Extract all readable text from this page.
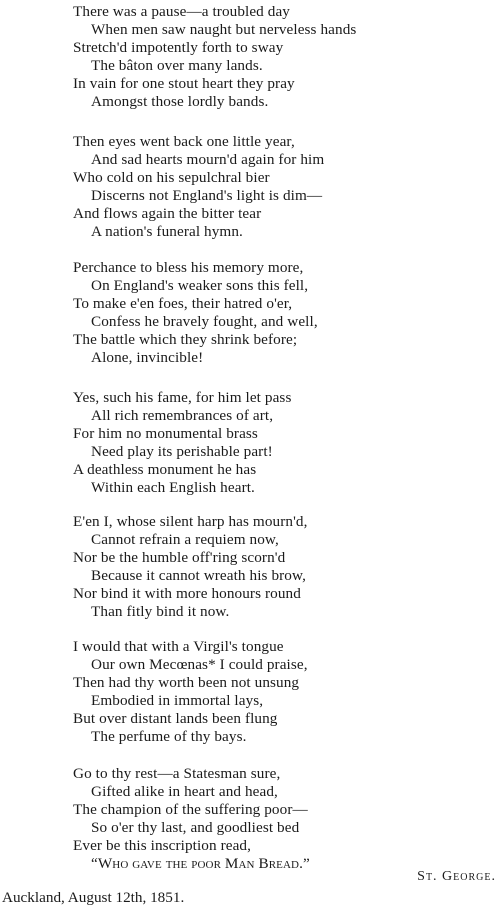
There was a pause—a troubled day
When men saw naught but nerveless hands
Stretch'd impotently forth to sway
The bâton over many lands.
In vain for one stout heart they pray
Amongst those lordly bands.
Then eyes went back one little year,
And sad hearts mourn'd again for him
Who cold on his sepulchral bier
Discerns not England's light is dim—
And flows again the bitter tear
A nation's funeral hymn.
Perchance to bless his memory more,
On England's weaker sons this fell,
To make e'en foes, their hatred o'er,
Confess he bravely fought, and well,
The battle which they shrink before;
Alone, invincible!
Yes, such his fame, for him let pass
All rich remembrances of art,
For him no monumental brass
Need play its perishable part!
A deathless monument he has
Within each English heart.
E'en I, whose silent harp has mourn'd,
Cannot refrain a requiem now,
Nor be the humble off'ring scorn'd
Because it cannot wreath his brow,
Nor bind it with more honours round
Than fitly bind it now.
I would that with a Virgil's tongue
Our own Mecœnas* I could praise,
Then had thy worth been not unsung
Embodied in immortal lays,
But over distant lands been flung
The perfume of thy bays.
Go to thy rest—a Statesman sure,
Gifted alike in heart and head,
The champion of the suffering poor—
So o'er thy last, and goodliest bed
Ever be this inscription read,
“Who gave the poor Man Bread.”
St. George.
Auckland, August 12th, 1851.
